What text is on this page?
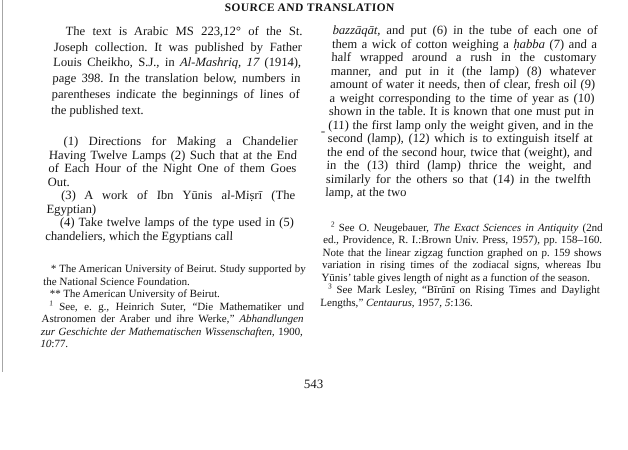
SOURCE AND TRANSLATION

The text is Arabic MS 223,12° of the St. Joseph collection. It was published by Father Louis Cheikho, S.J., in Al-Mashriq, 17 (1914), page 398. In the translation below, numbers in parentheses indicate the beginnings of lines of the published text.

(1) Directions for Making a Chandelier Having Twelve Lamps (2) Such that at the End of Each Hour of the Night One of them Goes Out.

(3) A work of Ibn Yūnis al-Miṣrī (The Egyptian)

(4) Take twelve lamps of the type used in (5) chandeliers, which the Egyptians call

* The American University of Beirut. Study supported by the National Science Foundation.

** The American University of Beirut.

$^1$ See, e. g., Heinrich Suter, “Die Mathematiker und Astronomen der Araber und ihre Werke,” Abhandlungen zur Geschichte der Mathematischen Wissenschaften, 1900, 10:77.

bazzāqāt, and put (6) in the tube of each one of them a wick of cotton weighing a ḥabba (7) and a half wrapped around a rush in the customary manner, and put in it (the lamp) (8) whatever amount of water it needs, then of clear, fresh oil (9) a weight corresponding to the time of year as (10) shown in the table. It is known that one must put in (11) the first lamp only the weight given, and in the second (lamp), (12) which is to extinguish itself at the end of the second hour, twice that (weight), and in the (13) third (lamp) thrice the weight, and similarly for the others so that (14) in the twelfth lamp, at the two

$^2$ See O. Neugebauer, The Exact Sciences in Antiquity (2nd ed., Providence, R. I.:Brown Univ. Press, 1957), pp. 158–160. Note that the linear zigzag function graphed on p. 159 shows variation in rising times of the zodiacal signs, whereas Ibu Yūnis’ table gives length of night as a function of the season.

$^3$ See Mark Lesley, “Bīrūnī on Rising Times and Daylight Lengths,” Centaurus, 1957, 5:136.

543
